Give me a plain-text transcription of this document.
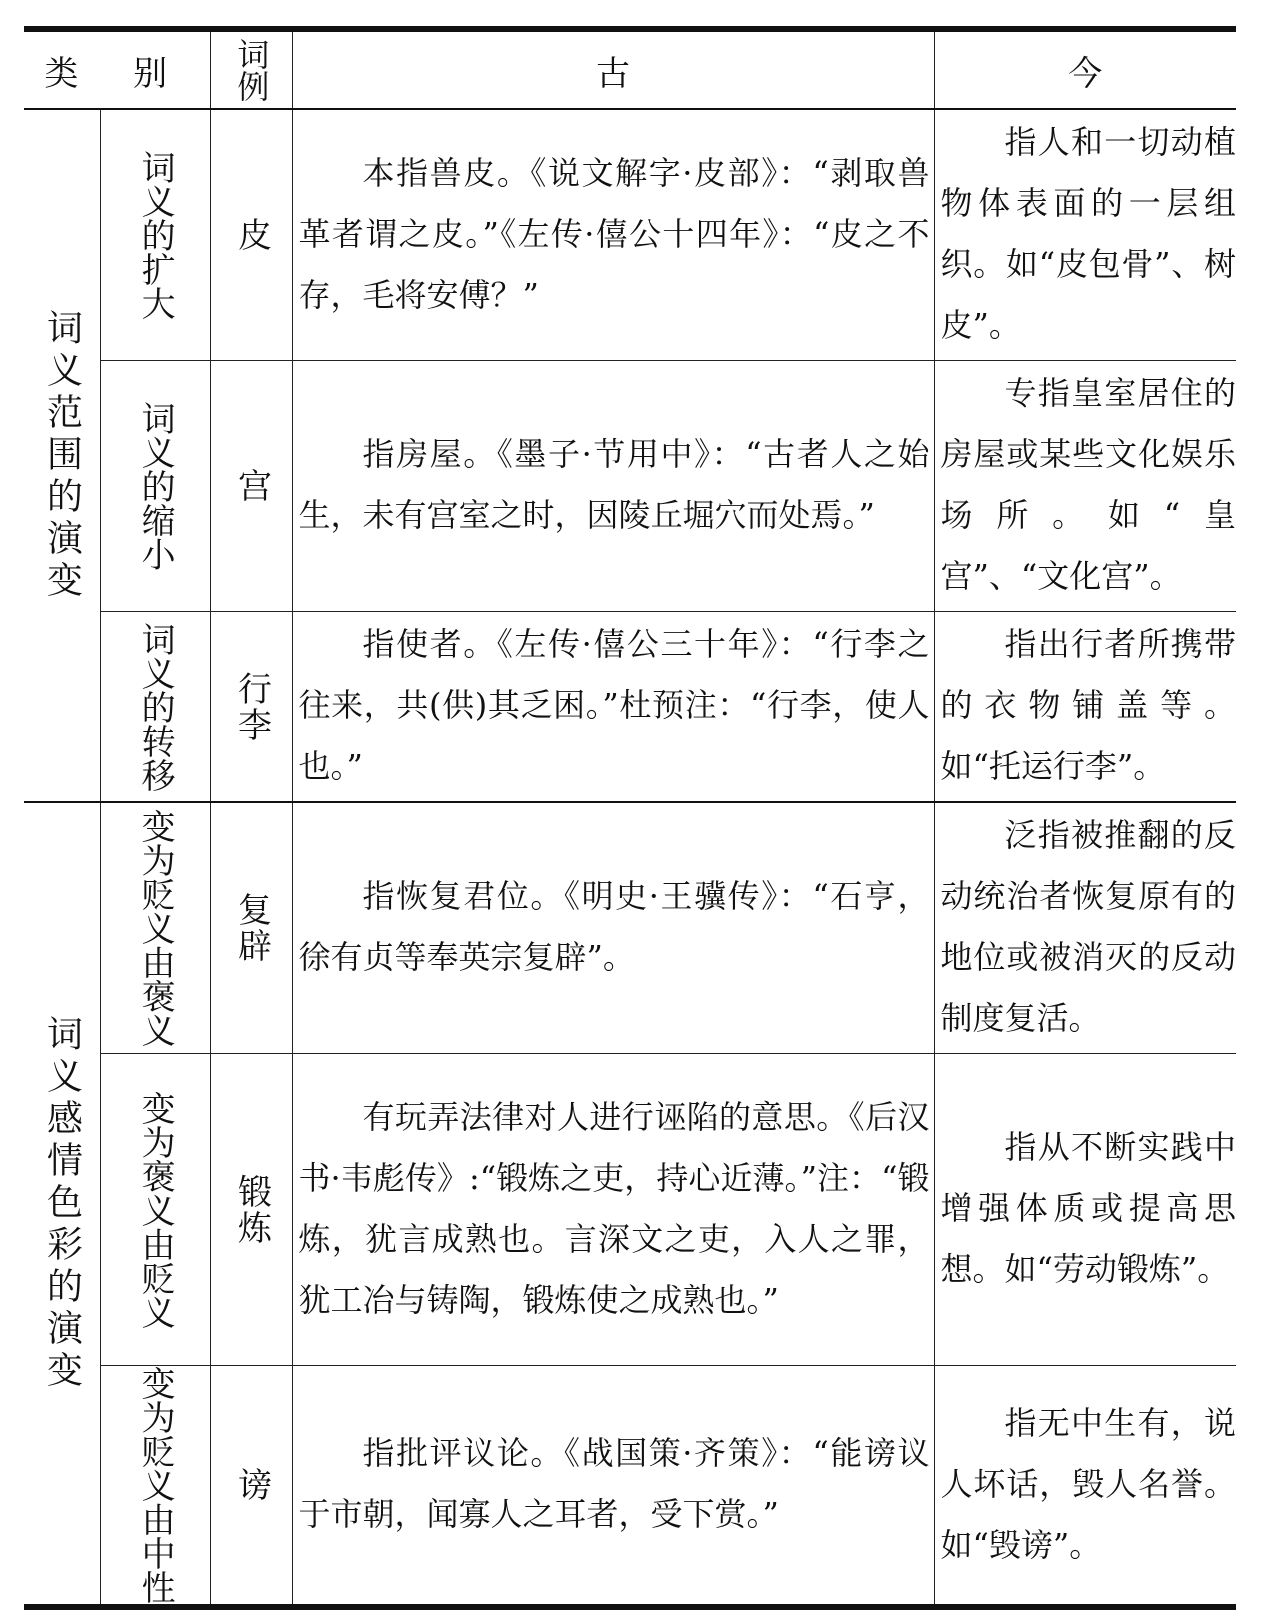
类 别		词例	古	今

词义范围的演变	词义的扩大	皮	本指兽皮。《说文解字·皮部》：“剥取兽革者谓之皮。”《左传·僖公十四年》：“皮之不存，毛将安傅？”	指人和一切动植物体表面的一层组织。如“皮包骨”、树皮”。

	词义的缩小	宫	指房屋。《墨子·节用中》：“古者人之始生，未有宫室之时，因陵丘堀穴而处焉。”	专指皇室居住的房屋或某些文化娱乐场所。如“皇宫”、“文化宫”。

	词义的转移	行李	指使者。《左传·僖公三十年》：“行李之往来，共(供)其乏困。”杜预注：“行李，使人也。”	指出行者所携带的衣物铺盖等。如“托运行李”。

词义感情色彩的演变	变为贬义由褒义	复辟	指恢复君位。《明史·王骥传》：“石亨，徐有贞等奉英宗复辟”。	泛指被推翻的反动统治者恢复原有的地位或被消灭的反动制度复活。

	变为褒义由贬义	锻炼	有玩弄法律对人进行诬陷的意思。《后汉书·韦彪传》:“锻炼之吏，持心近薄。”注：“锻炼，犹言成熟也。言深文之吏，入人之罪，犹工冶与铸陶，锻炼使之成熟也。”	指从不断实践中增强体质或提高思想。如“劳动锻炼”。

	变为贬义由中性	谤	指批评议论。《战国策·齐策》：“能谤议于市朝，闻寡人之耳者，受下赏。”	指无中生有，说人坏话，毁人名誉。如“毁谤”。
